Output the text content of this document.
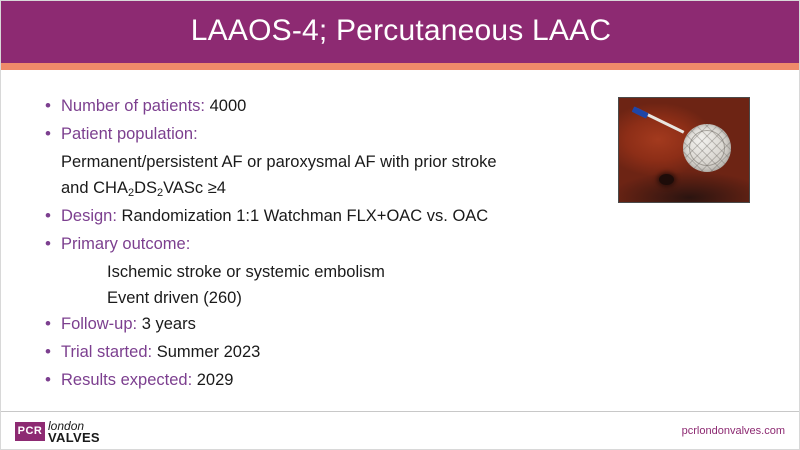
LAAOS-4; Percutaneous LAAC
• Number of patients: 4000
• Patient population:
Permanent/persistent AF or paroxysmal AF with prior stroke
and $CHA_2DS_2VASc \ge 4$
• Design: Randomization 1:1 Watchman FLX+OAC vs. OAC
• Primary outcome:
Ischemic stroke or systemic embolism
Event driven (260)
• Follow-up: 3 years
• Trial started: Summer 2023
• Results expected: 2029
PCR london
VALVES	pcrlondonvalves.com
